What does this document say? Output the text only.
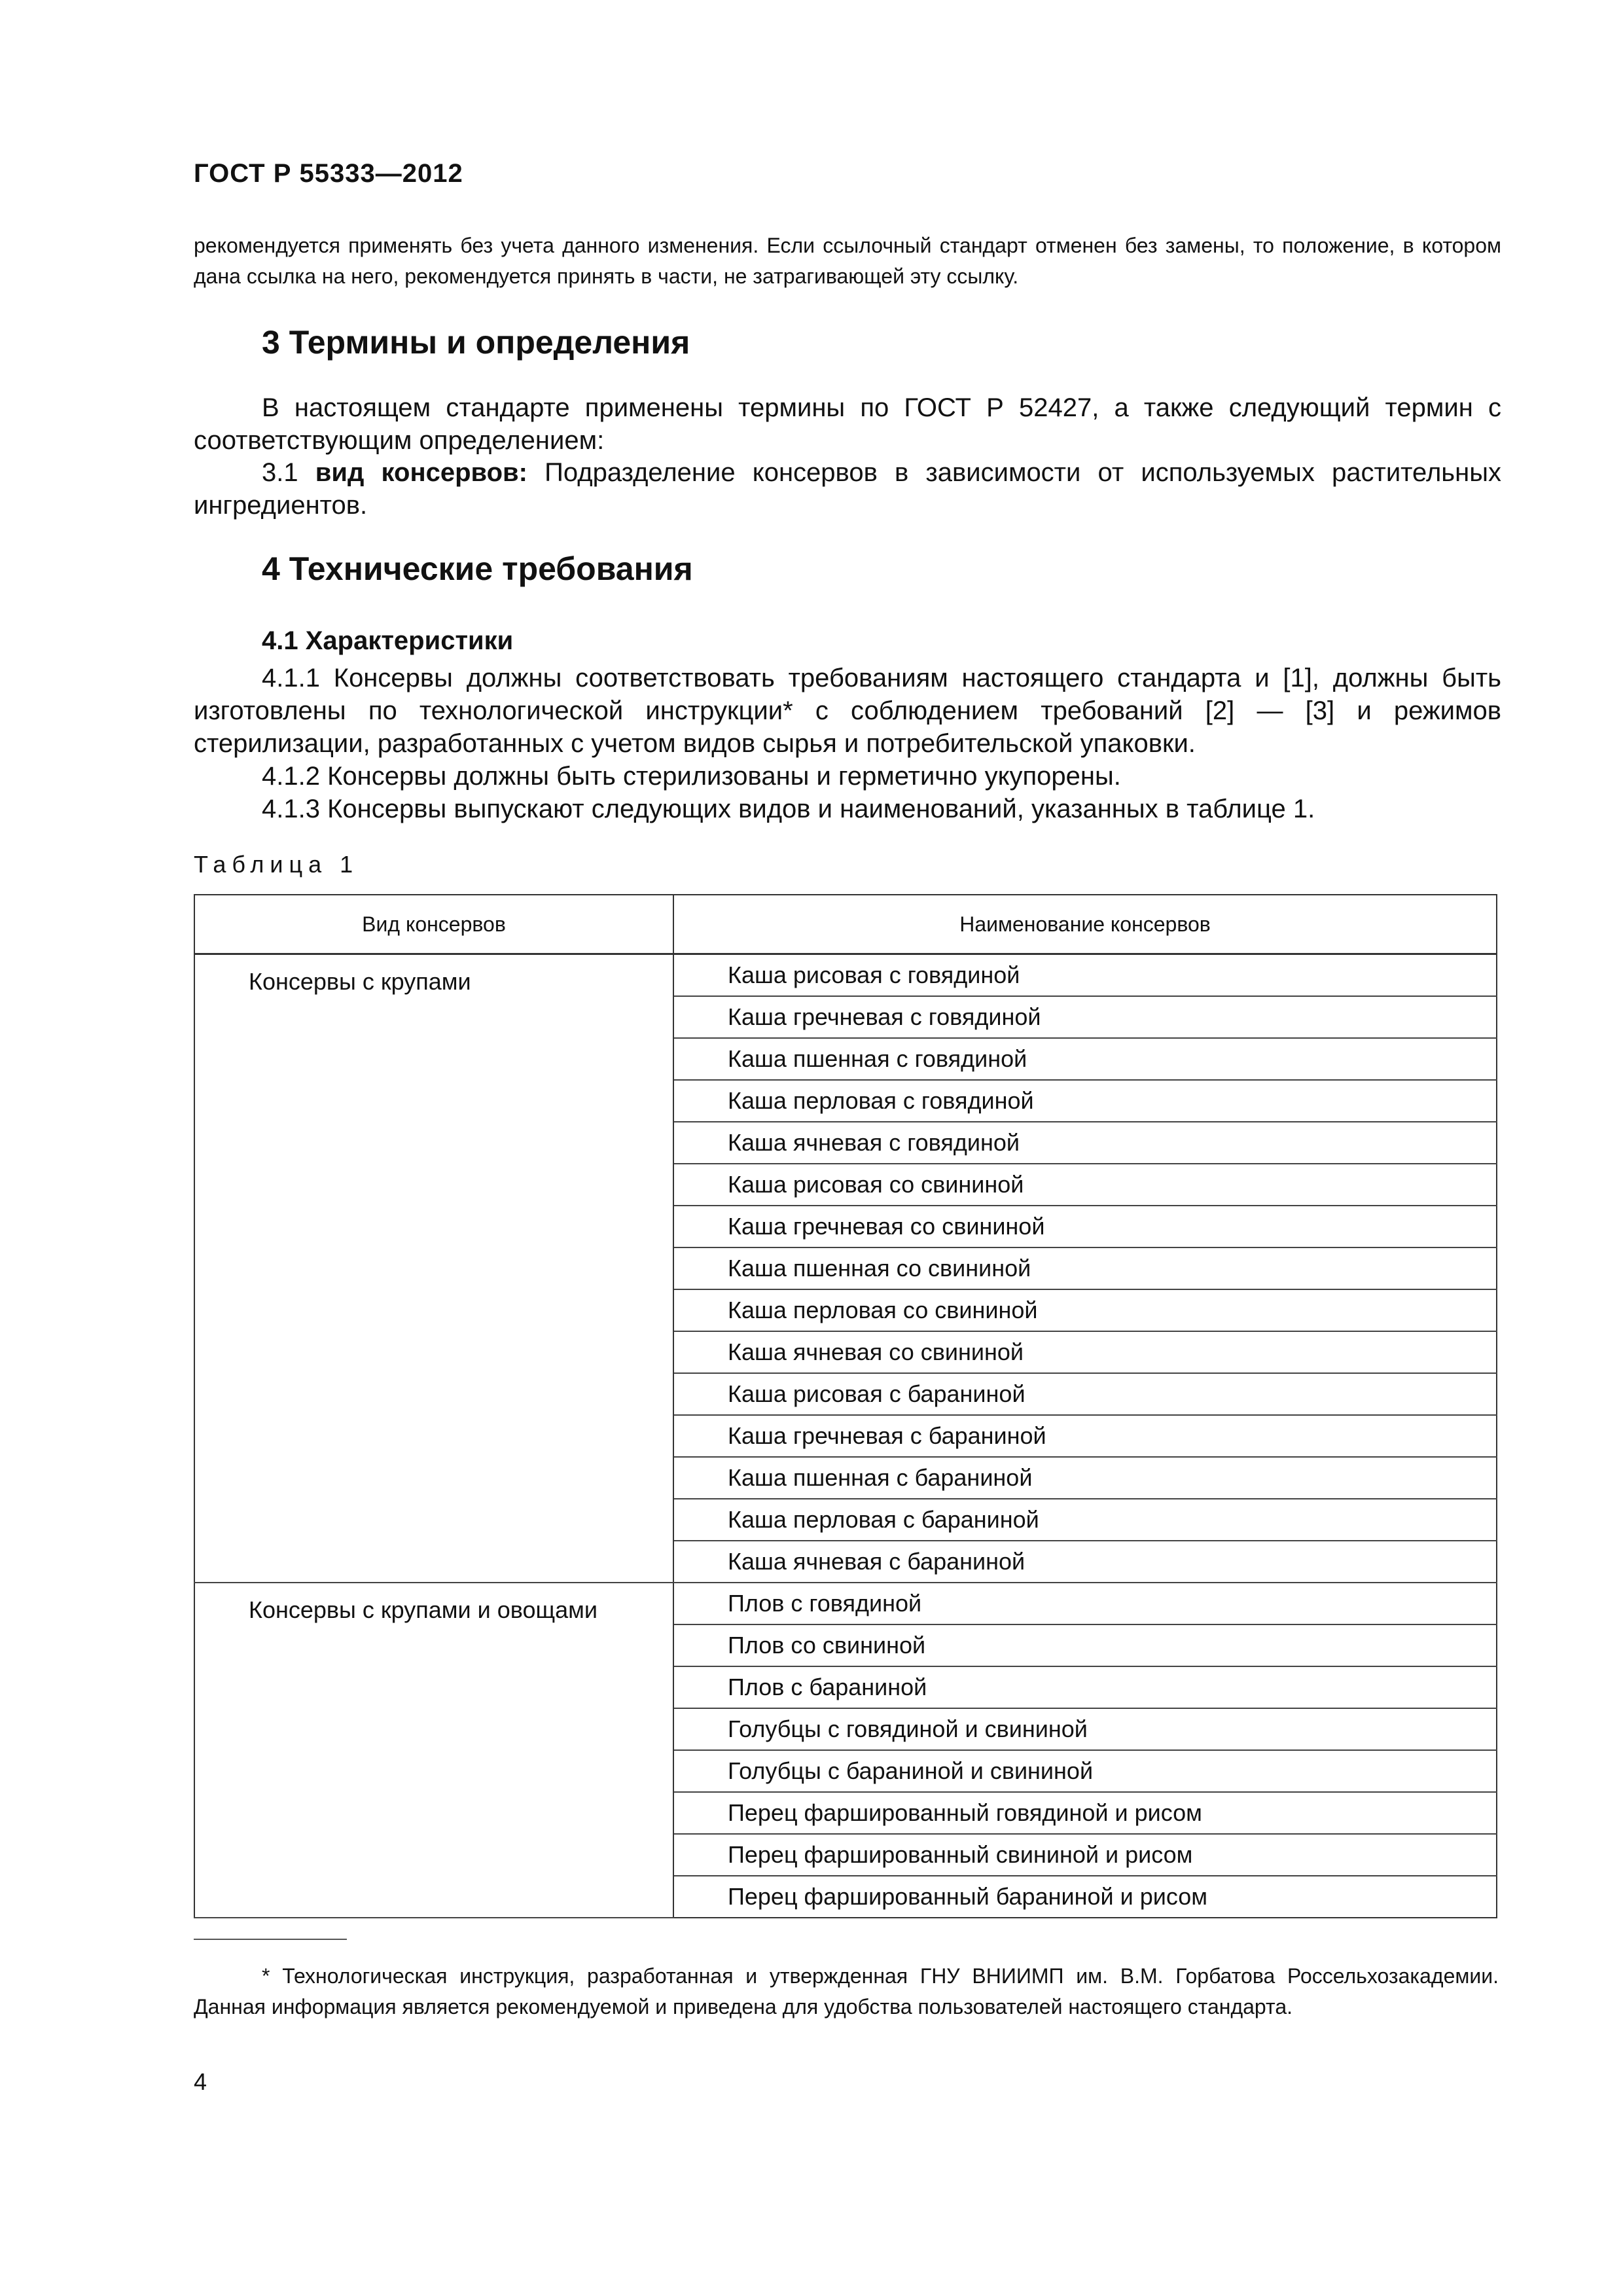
ГОСТ Р 55333—2012

рекомендуется применять без учета данного изменения. Если ссылочный стандарт отменен без замены, то положение, в котором дана ссылка на него, рекомендуется принять в части, не затрагивающей эту ссылку.

3 Термины и определения

В настоящем стандарте применены термины по ГОСТ Р 52427, а также следующий термин с соответствующим определением:

3.1 вид консервов: Подразделение консервов в зависимости от используемых растительных ингредиентов.

4 Технические требования
4.1 Характеристики

4.1.1 Консервы должны соответствовать требованиям настоящего стандарта и [1], должны быть изготовлены по технологической инструкции* с соблюдением требований [2] — [3] и режимов стерилизации, разработанных с учетом видов сырья и потребительской упаковки.

4.1.2 Консервы должны быть стерилизованы и герметично укупорены.

4.1.3 Консервы выпускают следующих видов и наименований, указанных в таблице 1.

Таблица 1
Вид консервов	Наименование консервов
Консервы с крупами	Каша рисовая с говядиной
	Каша гречневая с говядиной
	Каша пшенная с говядиной
	Каша перловая с говядиной
	Каша ячневая с говядиной
	Каша рисовая со свининой
	Каша гречневая со свининой
	Каша пшенная со свининой
	Каша перловая со свининой
	Каша ячневая со свининой
	Каша рисовая с бараниной
	Каша гречневая с бараниной
	Каша пшенная с бараниной
	Каша перловая с бараниной
	Каша ячневая с бараниной
Консервы с крупами и овощами	Плов с говядиной
	Плов со свининой
	Плов с бараниной
	Голубцы с говядиной и свининой
	Голубцы с бараниной и свининой
	Перец фаршированный говядиной и рисом
	Перец фаршированный свининой и рисом
	Перец фаршированный бараниной и рисом

* Технологическая инструкция, разработанная и утвержденная ГНУ ВНИИМП им. В.М. Горбатова Россельхозакадемии. Данная информация является рекомендуемой и приведена для удобства пользователей настоящего стандарта.

4
